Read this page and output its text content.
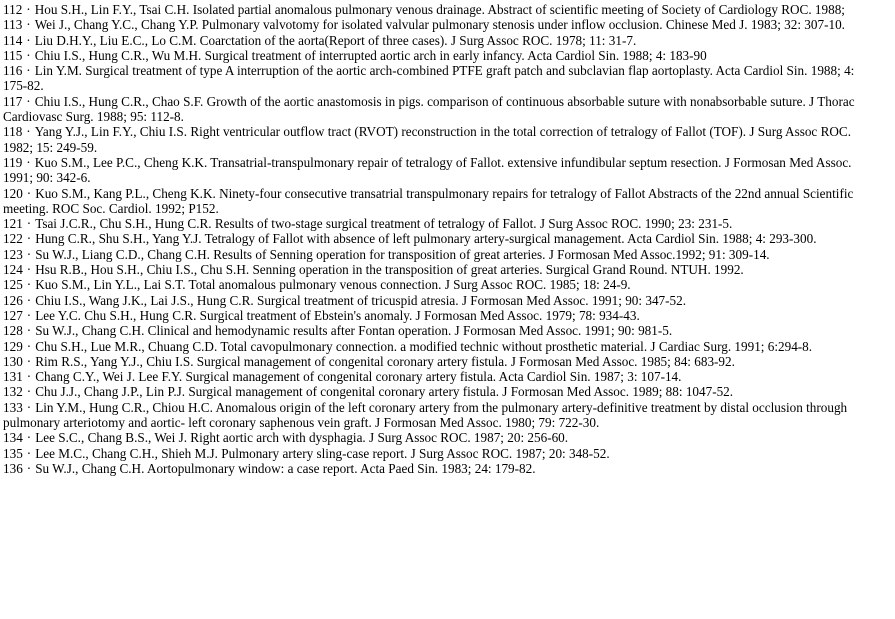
112 · Hou S.H., Lin F.Y., Tsai C.H. Isolated partial anomalous pulmonary venous drainage. Abstract of scientific meeting of Society of Cardiology ROC. 1988;

113 · Wei J., Chang Y.C., Chang Y.P. Pulmonary valvotomy for isolated valvular pulmonary stenosis under inflow occlusion. Chinese Med J. 1983; 32: 307-10.

114 · Liu D.H.Y., Liu E.C., Lo C.M. Coarctation of the aorta(Report of three cases). J Surg Assoc ROC. 1978; 11: 31-7.

115 · Chiu I.S., Hung C.R., Wu M.H. Surgical treatment of interrupted aortic arch in early infancy. Acta Cardiol Sin. 1988; 4: 183-90

116 · Lin Y.M. Surgical treatment of type A interruption of the aortic arch-combined PTFE graft patch and subclavian flap aortoplasty. Acta Cardiol Sin. 1988; 4: 175-82.

117 · Chiu I.S., Hung C.R., Chao S.F. Growth of the aortic anastomosis in pigs. comparison of continuous absorbable suture with nonabsorbable suture. J Thorac Cardiovasc Surg. 1988; 95: 112-8.

118 · Yang Y.J., Lin F.Y., Chiu I.S. Right ventricular outflow tract (RVOT) reconstruction in the total correction of tetralogy of Fallot (TOF). J Surg Assoc ROC. 1982; 15: 249-59.

119 · Kuo S.M., Lee P.C., Cheng K.K. Transatrial-transpulmonary repair of tetralogy of Fallot. extensive infundibular septum resection. J Formosan Med Assoc. 1991; 90: 342-6.

120 · Kuo S.M., Kang P.L., Cheng K.K. Ninety-four consecutive transatrial transpulmonary repairs for tetralogy of Fallot Abstracts of the 22nd annual Scientific meeting. ROC Soc. Cardiol. 1992; P152.

121 · Tsai J.C.R., Chu S.H., Hung C.R. Results of two-stage surgical treatment of tetralogy of Fallot. J Surg Assoc ROC. 1990; 23: 231-5.

122 · Hung C.R., Shu S.H., Yang Y.J. Tetralogy of Fallot with absence of left pulmonary artery-surgical management. Acta Cardiol Sin. 1988; 4: 293-300.

123 · Su W.J., Liang C.D., Chang C.H. Results of Senning operation for transposition of great arteries. J Formosan Med Assoc.1992; 91: 309-14.

124 · Hsu R.B., Hou S.H., Chiu I.S., Chu S.H. Senning operation in the transposition of great arteries. Surgical Grand Round. NTUH. 1992.

125 · Kuo S.M., Lin Y.L., Lai S.T. Total anomalous pulmonary venous connection. J Surg Assoc ROC. 1985; 18: 24-9.

126 · Chiu I.S., Wang J.K., Lai J.S., Hung C.R. Surgical treatment of tricuspid atresia. J Formosan Med Assoc. 1991; 90: 347-52.

127 · Lee Y.C. Chu S.H., Hung C.R. Surgical treatment of Ebstein's anomaly. J Formosan Med Assoc. 1979; 78: 934-43.

128 · Su W.J., Chang C.H. Clinical and hemodynamic results after Fontan operation. J Formosan Med Assoc. 1991; 90: 981-5.

129 · Chu S.H., Lue M.R., Chuang C.D. Total cavopulmonary connection. a modified technic without prosthetic material. J Cardiac Surg. 1991; 6:294-8.

130 · Rim R.S., Yang Y.J., Chiu I.S. Surgical management of congenital coronary artery fistula. J Formosan Med Assoc. 1985; 84: 683-92.

131 · Chang C.Y., Wei J. Lee F.Y. Surgical management of congenital coronary artery fistula. Acta Cardiol Sin. 1987; 3: 107-14.

132 · Chu J.J., Chang J.P., Lin P.J. Surgical management of congenital coronary artery fistula. J Formosan Med Assoc. 1989; 88: 1047-52.

133 · Lin Y.M., Hung C.R., Chiou H.C. Anomalous origin of the left coronary artery from the pulmonary artery-definitive treatment by distal occlusion through pulmonary arteriotomy and aortic- left coronary saphenous vein graft. J Formosan Med Assoc. 1980; 79: 722-30.

134 · Lee S.C., Chang B.S., Wei J. Right aortic arch with dysphagia. J Surg Assoc ROC. 1987; 20: 256-60.

135 · Lee M.C., Chang C.H., Shieh M.J. Pulmonary artery sling-case report. J Surg Assoc ROC. 1987; 20: 348-52.

136 · Su W.J., Chang C.H. Aortopulmonary window: a case report. Acta Paed Sin. 1983; 24: 179-82.
